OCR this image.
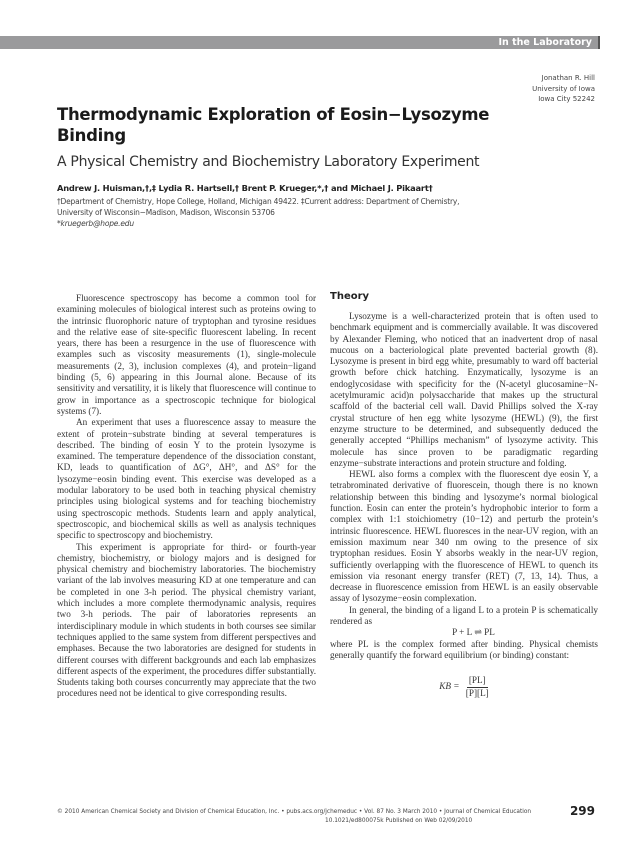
In the Laboratory
Jonathan R. Hill
University of Iowa
Iowa City 52242
Thermodynamic Exploration of Eosin−Lysozyme Binding
A Physical Chemistry and Biochemistry Laboratory Experiment
Andrew J. Huisman,†,‡ Lydia R. Hartsell,† Brent P. Krueger,*,† and Michael J. Pikaart†
†Department of Chemistry, Hope College, Holland, Michigan 49422. ‡Current address: Department of Chemistry, University of Wisconsin−Madison, Madison, Wisconsin 53706
*kruegerb@hope.edu

Fluorescence spectroscopy has become a common tool for examining molecules of biological interest such as proteins owing to the intrinsic fluorophoric nature of tryptophan and tyrosine residues and the relative ease of site-specific fluorescent labeling. In recent years, there has been a resurgence in the use of fluorescence with examples such as viscosity measurements (1), single-molecule measurements (2, 3), inclusion complexes (4), and protein−ligand binding (5, 6) appearing in this Journal alone. Because of its sensitivity and versatility, it is likely that fluorescence will continue to grow in importance as a spectroscopic technique for biological systems (7).

An experiment that uses a fluorescence assay to measure the extent of protein−substrate binding at several temperatures is described. The binding of eosin Y to the protein lysozyme is examined. The temperature dependence of the dissociation constant, KD, leads to quantification of ΔG°, ΔH°, and ΔS° for the lysozyme−eosin binding event. This exercise was developed as a modular laboratory to be used both in teaching physical chemistry principles using biological systems and for teaching biochemistry using spectroscopic methods. Students learn and apply analytical, spectroscopic, and biochemical skills as well as analysis techniques specific to spectroscopy and biochemistry.

This experiment is appropriate for third- or fourth-year chemistry, biochemistry, or biology majors and is designed for physical chemistry and biochemistry laboratories. The biochemistry variant of the lab involves measuring KD at one temperature and can be completed in one 3-h period. The physical chemistry variant, which includes a more complete thermodynamic analysis, requires two 3-h periods. The pair of laboratories represents an interdisciplinary module in which students in both courses see similar techniques applied to the same system from different perspectives and emphases. Because the two laboratories are designed for students in different courses with different backgrounds and each lab emphasizes different aspects of the experiment, the procedures differ substantially. Students taking both courses concurrently may appreciate that the two procedures need not be identical to give corresponding results.

Theory

Lysozyme is a well-characterized protein that is often used to benchmark equipment and is commercially available. It was discovered by Alexander Fleming, who noticed that an inadvertent drop of nasal mucous on a bacteriological plate prevented bacterial growth (8). Lysozyme is present in bird egg white, presumably to ward off bacterial growth before chick hatching. Enzymatically, lysozyme is an endoglycosidase with specificity for the (N-acetyl glucosamine−N-acetylmuramic acid)n polysaccharide that makes up the structural scaffold of the bacterial cell wall. David Phillips solved the X-ray crystal structure of hen egg white lysozyme (HEWL) (9), the first enzyme structure to be determined, and subsequently deduced the generally accepted “Phillips mechanism” of lysozyme activity. This molecule has since proven to be paradigmatic regarding enzyme−substrate interactions and protein structure and folding.

HEWL also forms a complex with the fluorescent dye eosin Y, a tetrabrominated derivative of fluorescein, though there is no known relationship between this binding and lysozyme’s normal biological function. Eosin can enter the protein’s hydrophobic interior to form a complex with 1:1 stoichiometry (10−12) and perturb the protein’s intrinsic fluorescence. HEWL fluoresces in the near-UV region, with an emission maximum near 340 nm owing to the presence of six tryptophan residues. Eosin Y absorbs weakly in the near-UV region, sufficiently overlapping with the fluorescence of HEWL to quench its emission via resonant energy transfer (RET) (7, 13, 14). Thus, a decrease in fluorescence emission from HEWL is an easily observable assay of lysozyme−eosin complexation.

In general, the binding of a ligand L to a protein P is schematically rendered as

P + L ⇌ PL

where PL is the complex formed after binding. Physical chemists generally quantify the forward equilibrium (or binding) constant:

KB = $\frac{[PL]}{[P][L]}$
© 2010 American Chemical Society and Division of Chemical Education, Inc. • pubs.acs.org/jchemeduc • Vol. 87 No. 3 March 2010 • Journal of Chemical Education
10.1021/ed800075k Published on Web 02/09/2010
299
